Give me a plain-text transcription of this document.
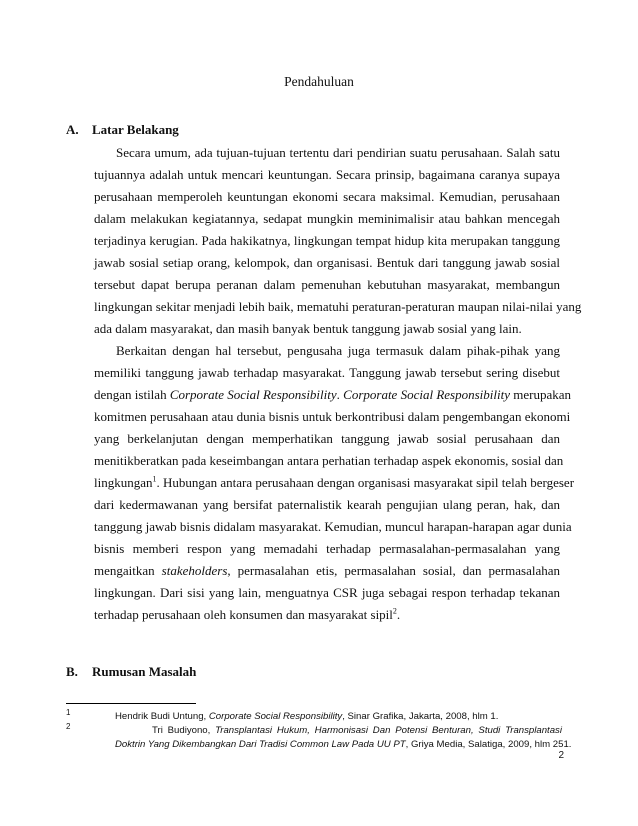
Pendahuluan
A. Latar Belakang
Secara umum, ada tujuan-tujuan tertentu dari pendirian suatu perusahaan. Salah satu
tujuannya adalah untuk mencari keuntungan. Secara prinsip, bagaimana caranya supaya
perusahaan memperoleh keuntungan ekonomi secara maksimal. Kemudian, perusahaan
dalam melakukan kegiatannya, sedapat mungkin meminimalisir atau bahkan mencegah
terjadinya kerugian. Pada hakikatnya, lingkungan tempat hidup kita merupakan tanggung
jawab sosial setiap orang, kelompok, dan organisasi. Bentuk dari tanggung jawab sosial
tersebut dapat berupa peranan dalam pemenuhan kebutuhan masyarakat, membangun
lingkungan sekitar menjadi lebih baik, mematuhi peraturan-peraturan maupan nilai-nilai yang
ada dalam masyarakat, dan masih banyak bentuk tanggung jawab sosial yang lain.
Berkaitan dengan hal tersebut, pengusaha juga termasuk dalam pihak-pihak yang
memiliki tanggung jawab terhadap masyarakat. Tanggung jawab tersebut sering disebut
dengan istilah Corporate Social Responsibility. Corporate Social Responsibility merupakan
komitmen perusahaan atau dunia bisnis untuk berkontribusi dalam pengembangan ekonomi
yang berkelanjutan dengan memperhatikan tanggung jawab sosial perusahaan dan
menitikberatkan pada keseimbangan antara perhatian terhadap aspek ekonomis, sosial dan
lingkungan$^1$. Hubungan antara perusahaan dengan organisasi masyarakat sipil telah bergeser
dari kedermawanan yang bersifat paternalistik kearah pengujian ulang peran, hak, dan
tanggung jawab bisnis didalam masyarakat. Kemudian, muncul harapan-harapan agar dunia
bisnis memberi respon yang memadahi terhadap permasalahan-permasalahan yang
mengaitkan stakeholders, permasalahan etis, permasalahan sosial, dan permasalahan
lingkungan. Dari sisi yang lain, menguatnya CSR juga sebagai respon terhadap tekanan
terhadap perusahaan oleh konsumen dan masyarakat sipil$^2$.
B. Rumusan Masalah
1	Hendrik Budi Untung, Corporate Social Responsibility, Sinar Grafika, Jakarta, 2008, hlm 1.
2	Tri Budiyono, Transplantasi Hukum, Harmonisasi Dan Potensi Benturan, Studi Transplantasi
Doktrin Yang Dikembangkan Dari Tradisi Common Law Pada UU PT, Griya Media, Salatiga, 2009, hlm 251.
2
